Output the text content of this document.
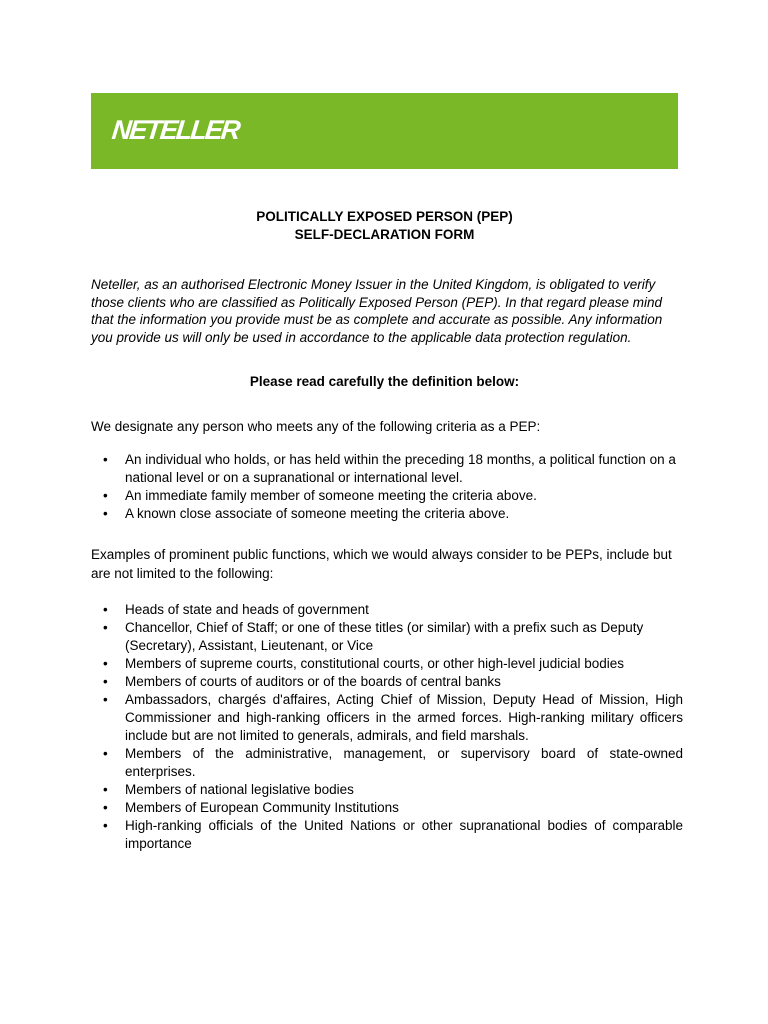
NETELLER
POLITICALLY EXPOSED PERSON (PEP)
SELF-DECLARATION FORM

Neteller, as an authorised Electronic Money Issuer in the United Kingdom, is obligated to verify those clients who are classified as Politically Exposed Person (PEP). In that regard please mind that the information you provide must be as complete and accurate as possible. Any information you provide us will only be used in accordance to the applicable data protection regulation.

Please read carefully the definition below:

We designate any person who meets any of the following criteria as a PEP:

• An individual who holds, or has held within the preceding 18 months, a political function on a national level or on a supranational or international level.
• An immediate family member of someone meeting the criteria above.
• A known close associate of someone meeting the criteria above.

Examples of prominent public functions, which we would always consider to be PEPs, include but are not limited to the following:

• Heads of state and heads of government
• Chancellor, Chief of Staff; or one of these titles (or similar) with a prefix such as Deputy (Secretary), Assistant, Lieutenant, or Vice
• Members of supreme courts, constitutional courts, or other high-level judicial bodies
• Members of courts of auditors or of the boards of central banks
• Ambassadors, chargés d'affaires, Acting Chief of Mission, Deputy Head of Mission, High Commissioner and high-ranking officers in the armed forces. High-ranking military officers include but are not limited to generals, admirals, and field marshals.
• Members of the administrative, management, or supervisory board of state-owned enterprises.
• Members of national legislative bodies
• Members of European Community Institutions
• High-ranking officials of the United Nations or other supranational bodies of comparable importance
